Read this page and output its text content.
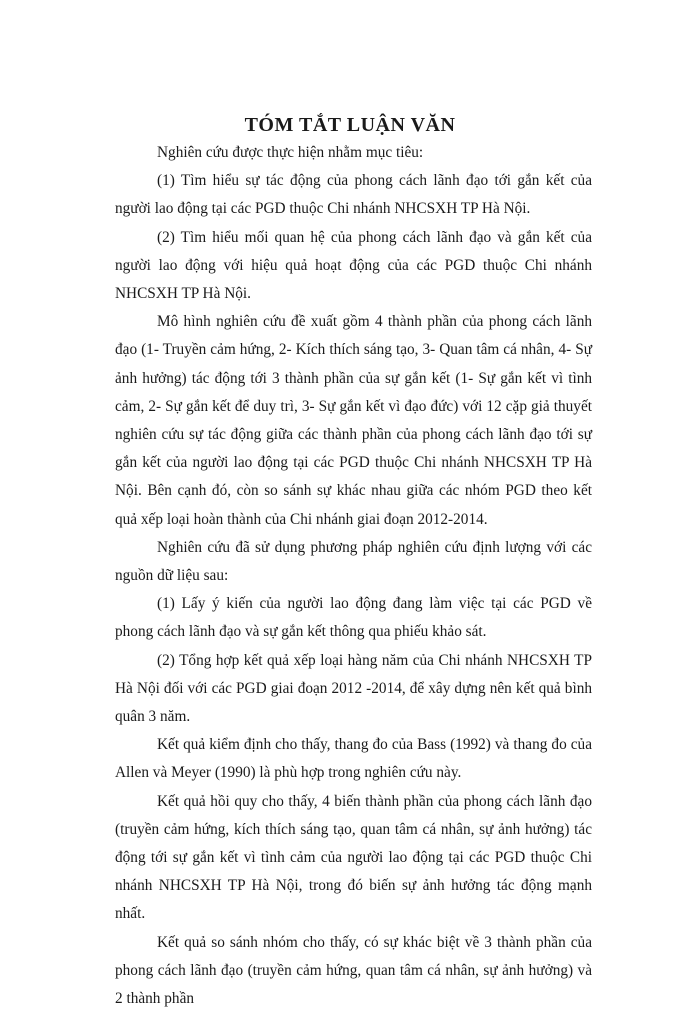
TÓM TẮT LUẬN VĂN

Nghiên cứu được thực hiện nhằm mục tiêu:

(1) Tìm hiểu sự tác động của phong cách lãnh đạo tới gắn kết của người lao động tại các PGD thuộc Chi nhánh NHCSXH TP Hà Nội.

(2) Tìm hiểu mối quan hệ của phong cách lãnh đạo và gắn kết của người lao động với hiệu quả hoạt động của các PGD thuộc Chi nhánh NHCSXH TP Hà Nội.

Mô hình nghiên cứu đề xuất gồm 4 thành phần của phong cách lãnh đạo (1- Truyền cảm hứng, 2- Kích thích sáng tạo, 3- Quan tâm cá nhân, 4- Sự ảnh hưởng) tác động tới 3 thành phần của sự gắn kết (1- Sự gắn kết vì tình cảm, 2- Sự gắn kết để duy trì, 3- Sự gắn kết vì đạo đức) với 12 cặp giả thuyết nghiên cứu sự tác động giữa các thành phần của phong cách lãnh đạo tới sự gắn kết của người lao động tại các PGD thuộc Chi nhánh NHCSXH TP Hà Nội. Bên cạnh đó, còn so sánh sự khác nhau giữa các nhóm PGD theo kết quả xếp loại hoàn thành của Chi nhánh giai đoạn 2012-2014.

Nghiên cứu đã sử dụng phương pháp nghiên cứu định lượng với các nguồn dữ liệu sau:

(1) Lấy ý kiến của người lao động đang làm việc tại các PGD về phong cách lãnh đạo và sự gắn kết thông qua phiếu khảo sát.

(2) Tổng hợp kết quả xếp loại hàng năm của Chi nhánh NHCSXH TP Hà Nội đối với các PGD giai đoạn 2012 -2014, để xây dựng nên kết quả bình quân 3 năm.

Kết quả kiểm định cho thấy, thang đo của Bass (1992) và thang đo của Allen và Meyer (1990) là phù hợp trong nghiên cứu này.

Kết quả hồi quy cho thấy, 4 biến thành phần của phong cách lãnh đạo (truyền cảm hứng, kích thích sáng tạo, quan tâm cá nhân, sự ảnh hưởng) tác động tới sự gắn kết vì tình cảm của người lao động tại các PGD thuộc Chi nhánh NHCSXH TP Hà Nội, trong đó biến sự ảnh hưởng tác động mạnh nhất.

Kết quả so sánh nhóm cho thấy, có sự khác biệt về 3 thành phần của phong cách lãnh đạo (truyền cảm hứng, quan tâm cá nhân, sự ảnh hưởng) và 2 thành phần
